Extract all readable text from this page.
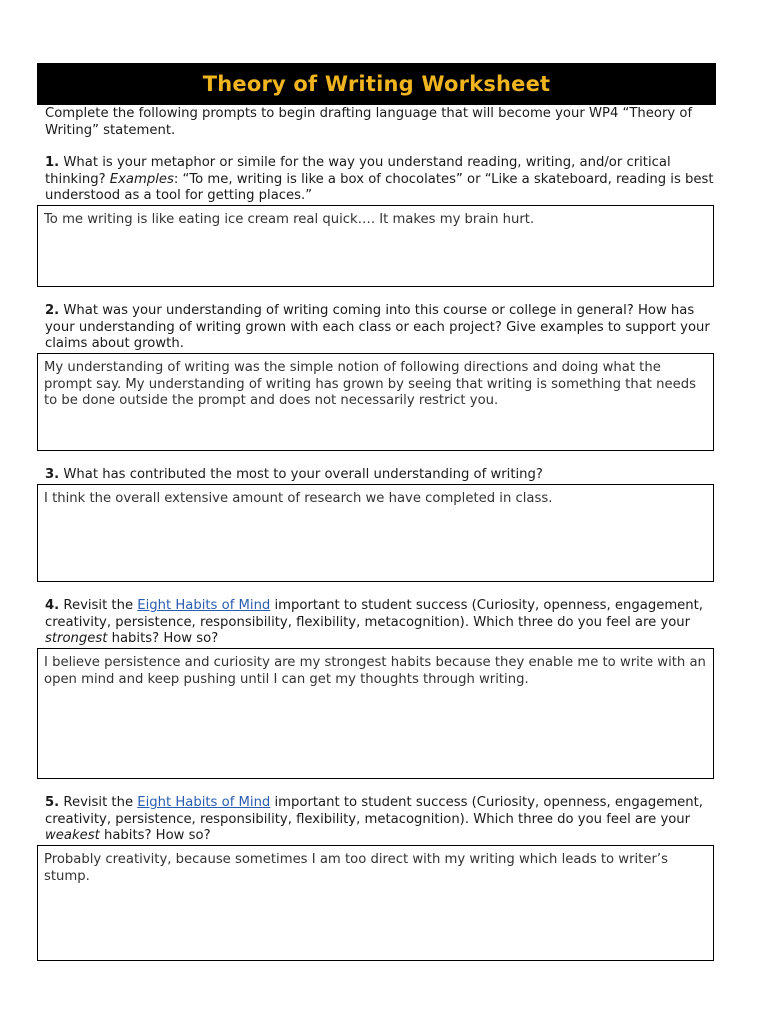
Theory of Writing Worksheet
Complete the following prompts to begin drafting language that will become your WP4 “Theory of Writing” statement.
1. What is your metaphor or simile for the way you understand reading, writing, and/or critical thinking? Examples: “To me, writing is like a box of chocolates” or “Like a skateboard, reading is best understood as a tool for getting places.”
To me writing is like eating ice cream real quick…. It makes my brain hurt.
2. What was your understanding of writing coming into this course or college in general? How has your understanding of writing grown with each class or each project? Give examples to support your claims about growth.
My understanding of writing was the simple notion of following directions and doing what the prompt say. My understanding of writing has grown by seeing that writing is something that needs to be done outside the prompt and does not necessarily restrict you.
3. What has contributed the most to your overall understanding of writing?
I think the overall extensive amount of research we have completed in class.
4. Revisit the Eight Habits of Mind important to student success (Curiosity, openness, engagement, creativity, persistence, responsibility, flexibility, metacognition). Which three do you feel are your strongest habits? How so?
I believe persistence and curiosity are my strongest habits because they enable me to write with an open mind and keep pushing until I can get my thoughts through writing.
5. Revisit the Eight Habits of Mind important to student success (Curiosity, openness, engagement, creativity, persistence, responsibility, flexibility, metacognition). Which three do you feel are your weakest habits? How so?
Probably creativity, because sometimes I am too direct with my writing which leads to writer’s stump.
